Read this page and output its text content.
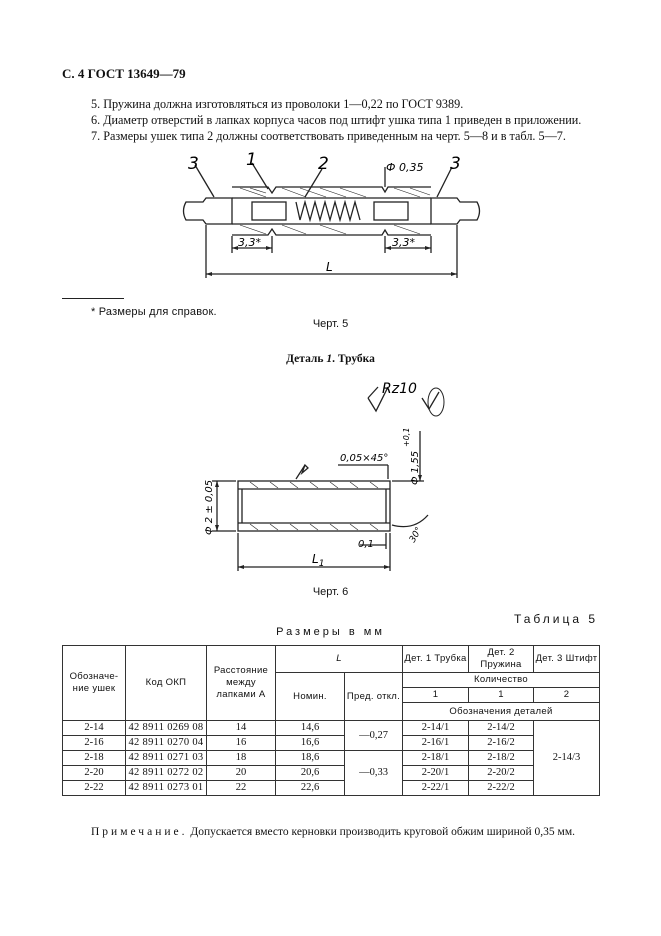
С. 4 ГОСТ 13649—79
5. Пружина должна изготовляться из проволоки 1—0,22 по ГОСТ 9389.
6. Диаметр отверстий в лапках корпуса часов под штифт ушка типа 1 приведен в приложении.
7. Размеры ушек типа 2 должны соответствовать приведенным на черт. 5—8 и в табл. 5—7.
3	1	2	Ф 0,35 3
3,3*	3,3*
L
* Размеры для справок.
Черт. 5
Деталь 1. Трубка
Rz10
0,05×45° Ф 1,55
+0,1
Ф 2 ± 0,05
30°
0,1
$L_1$
Черт. 6
Таблица 5
Размеры в мм
Обозначе-ние ушек	Код ОКП	Расстояние между лапками A	L		Дет. 1 Трубка	Дет. 2 Пружина	Дет. 3 Штифт
			Номин.	Пред. откл.	Количество		
					1	1	2
					Обозначения деталей		
2-14	42 8911 0269 08	14	14,6	—0,27	2-14/1	2-14/2	2-14/3
2-16	42 8911 0270 04	16	16,6		2-16/1	2-16/2	
2-18	42 8911 0271 03	18	18,6	—0,33	2-18/1	2-18/2	
2-20	42 8911 0272 02	20	20,6		2-20/1	2-20/2	
2-22	42 8911 0273 01	22	22,6		2-22/1	2-22/2	
Примечание. Допускается вместо керновки производить круговой обжим шириной 0,35 мм.
